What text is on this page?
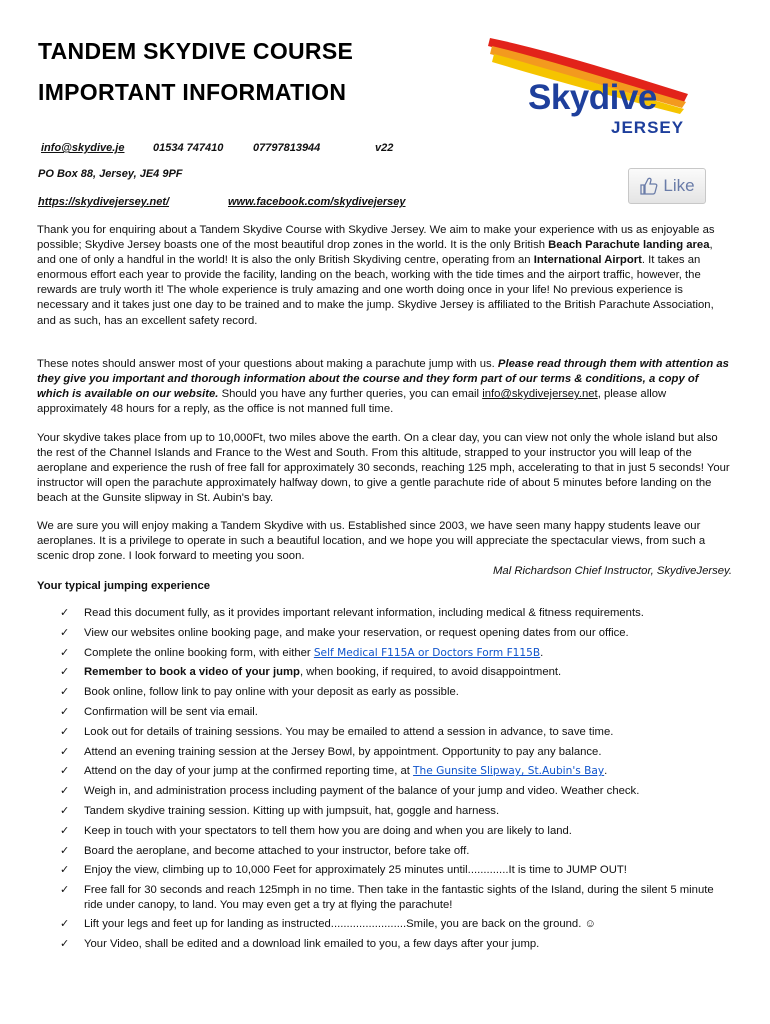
TANDEM SKYDIVE COURSE
IMPORTANT INFORMATION	Skydive
JERSEY
info@skydive.je	01534 747410	07797813944	v22
PO Box 88, Jersey, JE4 9PF
https://skydivejersey.net/	www.facebook.com/skydivejersey
Like

Thank you for enquiring about a Tandem Skydive Course with Skydive Jersey. We aim to make your experience with us as enjoyable as possible; Skydive Jersey boasts one of the most beautiful drop zones in the world. It is the only British Beach Parachute landing area, and one of only a handful in the world! It is also the only British Skydiving centre, operating from an International Airport. It takes an enormous effort each year to provide the facility, landing on the beach, working with the tide times and the airport traffic, however, the rewards are truly worth it! The whole experience is truly amazing and one worth doing once in your life! No previous experience is necessary and it takes just one day to be trained and to make the jump. Skydive Jersey is affiliated to the British Parachute Association, and as such, has an excellent safety record.

These notes should answer most of your questions about making a parachute jump with us. Please read through them with attention as they give you important and thorough information about the course and they form part of our terms & conditions, a copy of which is available on our website. Should you have any further queries, you can email info@skydivejersey.net, please allow approximately 48 hours for a reply, as the office is not manned full time.

Your skydive takes place from up to 10,000Ft, two miles above the earth. On a clear day, you can view not only the whole island but also the rest of the Channel Islands and France to the West and South. From this altitude, strapped to your instructor you will leap of the aeroplane and experience the rush of free fall for approximately 30 seconds, reaching 125 mph, accelerating to that in just 5 seconds! Your instructor will open the parachute approximately halfway down, to give a gentle parachute ride of about 5 minutes before landing on the beach at the Gunsite slipway in St. Aubin's bay.

We are sure you will enjoy making a Tandem Skydive with us. Established since 2003, we have seen many happy students leave our aeroplanes. It is a privilege to operate in such a beautiful location, and we hope you will appreciate the spectacular views, from such a scenic drop zone. I look forward to meeting you soon.

Mal Richardson Chief Instructor, SkydiveJersey.

Your typical jumping experience
✓ Read this document fully, as it provides important relevant information, including medical & fitness requirements.
✓ View our websites online booking page, and make your reservation, or request opening dates from our office.
✓ Complete the online booking form, with either Self Medical F115A or Doctors Form F115B.
✓ Remember to book a video of your jump, when booking, if required, to avoid disappointment.
✓ Book online, follow link to pay online with your deposit as early as possible.
✓ Confirmation will be sent via email.
✓ Look out for details of training sessions. You may be emailed to attend a session in advance, to save time.
✓ Attend an evening training session at the Jersey Bowl, by appointment. Opportunity to pay any balance.
✓ Attend on the day of your jump at the confirmed reporting time, at The Gunsite Slipway, St.Aubin's Bay.
✓ Weigh in, and administration process including payment of the balance of your jump and video. Weather check.
✓ Tandem skydive training session. Kitting up with jumpsuit, hat, goggle and harness.
✓ Keep in touch with your spectators to tell them how you are doing and when you are likely to land.
✓ Board the aeroplane, and become attached to your instructor, before take off.
✓ Enjoy the view, climbing up to 10,000 Feet for approximately 25 minutes until.............It is time to JUMP OUT!
✓ Free fall for 30 seconds and reach 125mph in no time. Then take in the fantastic sights of the Island, during the silent 5 minute ride under canopy, to land. You may even get a try at flying the parachute!
✓ Lift your legs and feet up for landing as instructed........................Smile, you are back on the ground. ☺
✓ Your Video, shall be edited and a download link emailed to you, a few days after your jump.
